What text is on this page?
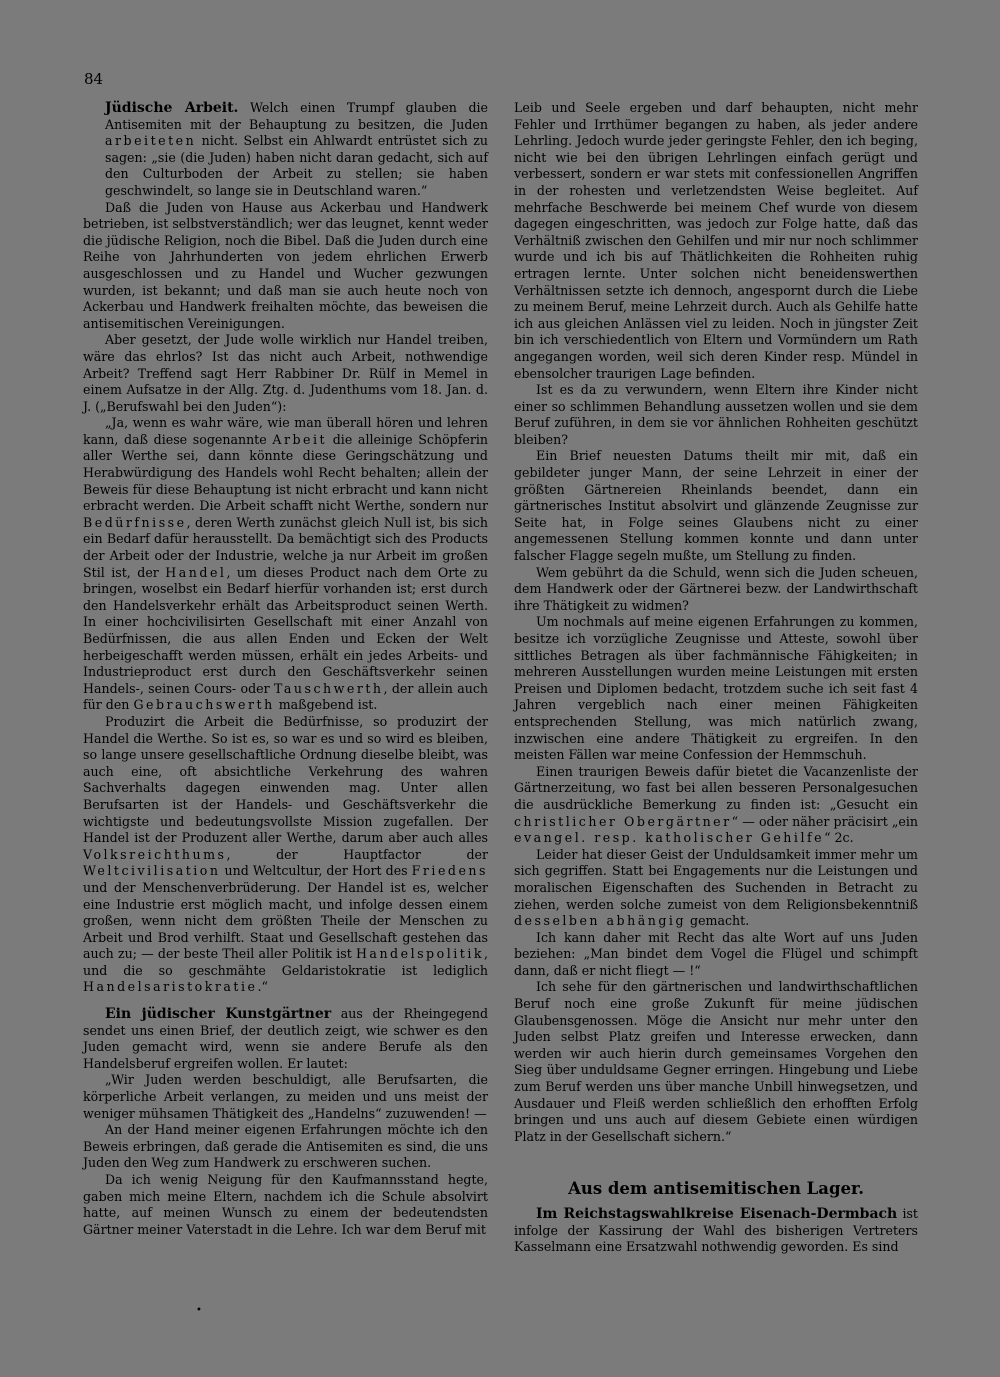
84

Jüdische Arbeit. Welch einen Trumpf glauben die Antisemiten mit der Behauptung zu besitzen, die Juden arbeiteten nicht. Selbst ein Ahlwardt entrüstet sich zu sagen: „sie (die Juden) haben nicht daran gedacht, sich auf den Culturboden der Arbeit zu stellen; sie haben geschwindelt, so lange sie in Deutschland waren.“

Daß die Juden von Hause aus Ackerbau und Handwerk betrieben, ist selbstverständlich; wer das leugnet, kennt weder die jüdische Religion, noch die Bibel. Daß die Juden durch eine Reihe von Jahrhunderten von jedem ehrlichen Erwerb ausgeschlossen und zu Handel und Wucher gezwungen wurden, ist bekannt; und daß man sie auch heute noch von Ackerbau und Handwerk freihalten möchte, das beweisen die antisemitischen Vereinigungen.

Aber gesetzt, der Jude wolle wirklich nur Handel treiben, wäre das ehrlos? Ist das nicht auch Arbeit, nothwendige Arbeit? Treffend sagt Herr Rabbiner Dr. Rülf in Memel in einem Aufsatze in der Allg. Ztg. d. Judenthums vom 18. Jan. d. J. („Berufswahl bei den Juden“):

„Ja, wenn es wahr wäre, wie man überall hören und lehren kann, daß diese sogenannte Arbeit die alleinige Schöpferin aller Werthe sei, dann könnte diese Geringschätzung und Herabwürdigung des Handels wohl Recht behalten; allein der Beweis für diese Behauptung ist nicht erbracht und kann nicht erbracht werden. Die Arbeit schafft nicht Werthe, sondern nur Bedürfnisse, deren Werth zunächst gleich Null ist, bis sich ein Bedarf dafür herausstellt. Da bemächtigt sich des Products der Arbeit oder der Industrie, welche ja nur Arbeit im großen Stil ist, der Handel, um dieses Product nach dem Orte zu bringen, woselbst ein Bedarf hierfür vorhanden ist; erst durch den Handelsverkehr erhält das Arbeitsproduct seinen Werth. In einer hochcivilisirten Gesellschaft mit einer Anzahl von Bedürfnissen, die aus allen Enden und Ecken der Welt herbeigeschafft werden müssen, erhält ein jedes Arbeits- und Industrieproduct erst durch den Geschäftsverkehr seinen Handels-, seinen Cours- oder Tauschwerth, der allein auch für den Gebrauchswerth maßgebend ist.

Produzirt die Arbeit die Bedürfnisse, so produzirt der Handel die Werthe. So ist es, so war es und so wird es bleiben, so lange unsere gesellschaftliche Ordnung dieselbe bleibt, was auch eine, oft absichtliche Verkehrung des wahren Sachverhalts dagegen einwenden mag. Unter allen Berufsarten ist der Handels- und Geschäftsverkehr die wichtigste und bedeutungsvollste Mission zugefallen. Der Handel ist der Produzent aller Werthe, darum aber auch alles Volksreichthums, der Hauptfactor der Weltcivilisation und Weltcultur, der Hort des Friedens und der Menschenverbrüderung. Der Handel ist es, welcher eine Industrie erst möglich macht, und infolge dessen einem großen, wenn nicht dem größten Theile der Menschen zu Arbeit und Brod verhilft. Staat und Gesellschaft gestehen das auch zu; — der beste Theil aller Politik ist Handelspolitik, und die so geschmähte Geldaristokratie ist lediglich Handelsaristokratie.“

Ein jüdischer Kunstgärtner aus der Rheingegend sendet uns einen Brief, der deutlich zeigt, wie schwer es den Juden gemacht wird, wenn sie andere Berufe als den Handelsberuf ergreifen wollen. Er lautet:

„Wir Juden werden beschuldigt, alle Berufsarten, die körperliche Arbeit verlangen, zu meiden und uns meist der weniger mühsamen Thätigkeit des „Handelns“ zuzuwenden! —

An der Hand meiner eigenen Erfahrungen möchte ich den Beweis erbringen, daß gerade die Antisemiten es sind, die uns Juden den Weg zum Handwerk zu erschweren suchen.

Da ich wenig Neigung für den Kaufmannsstand hegte, gaben mich meine Eltern, nachdem ich die Schule absolvirt hatte, auf meinen Wunsch zu einem der bedeutendsten Gärtner meiner Vaterstadt in die Lehre. Ich war dem Beruf mit

Leib und Seele ergeben und darf behaupten, nicht mehr Fehler und Irrthümer begangen zu haben, als jeder andere Lehrling. Jedoch wurde jeder geringste Fehler, den ich beging, nicht wie bei den übrigen Lehrlingen einfach gerügt und verbessert, sondern er war stets mit confessionellen Angriffen in der rohesten und verletzendsten Weise begleitet. Auf mehrfache Beschwerde bei meinem Chef wurde von diesem dagegen eingeschritten, was jedoch zur Folge hatte, daß das Verhältniß zwischen den Gehilfen und mir nur noch schlimmer wurde und ich bis auf Thätlichkeiten die Rohheiten ruhig ertragen lernte. Unter solchen nicht beneidenswerthen Verhältnissen setzte ich dennoch, angespornt durch die Liebe zu meinem Beruf, meine Lehrzeit durch. Auch als Gehilfe hatte ich aus gleichen Anlässen viel zu leiden. Noch in jüngster Zeit bin ich verschiedentlich von Eltern und Vormündern um Rath angegangen worden, weil sich deren Kinder resp. Mündel in ebensolcher traurigen Lage befinden.

Ist es da zu verwundern, wenn Eltern ihre Kinder nicht einer so schlimmen Behandlung aussetzen wollen und sie dem Beruf zuführen, in dem sie vor ähnlichen Rohheiten geschützt bleiben?

Ein Brief neuesten Datums theilt mir mit, daß ein gebildeter junger Mann, der seine Lehrzeit in einer der größten Gärtnereien Rheinlands beendet, dann ein gärtnerisches Institut absolvirt und glänzende Zeugnisse zur Seite hat, in Folge seines Glaubens nicht zu einer angemessenen Stellung kommen konnte und dann unter falscher Flagge segeln mußte, um Stellung zu finden.

Wem gebührt da die Schuld, wenn sich die Juden scheuen, dem Handwerk oder der Gärtnerei bezw. der Landwirthschaft ihre Thätigkeit zu widmen?

Um nochmals auf meine eigenen Erfahrungen zu kommen, besitze ich vorzügliche Zeugnisse und Atteste, sowohl über sittliches Betragen als über fachmännische Fähigkeiten; in mehreren Ausstellungen wurden meine Leistungen mit ersten Preisen und Diplomen bedacht, trotzdem suche ich seit fast 4 Jahren vergeblich nach einer meinen Fähigkeiten entsprechenden Stellung, was mich natürlich zwang, inzwischen eine andere Thätigkeit zu ergreifen. In den meisten Fällen war meine Confession der Hemmschuh.

Einen traurigen Beweis dafür bietet die Vacanzenliste der Gärtnerzeitung, wo fast bei allen besseren Personalgesuchen die ausdrückliche Bemerkung zu finden ist: „Gesucht ein christlicher Obergärtner“ — oder näher präcisirt „ein evangel. resp. katholischer Gehilfe“ 2c.

Leider hat dieser Geist der Unduldsamkeit immer mehr um sich gegriffen. Statt bei Engagements nur die Leistungen und moralischen Eigenschaften des Suchenden in Betracht zu ziehen, werden solche zumeist von dem Religionsbekenntniß desselben abhängig gemacht.

Ich kann daher mit Recht das alte Wort auf uns Juden beziehen: „Man bindet dem Vogel die Flügel und schimpft dann, daß er nicht fliegt — !“

Ich sehe für den gärtnerischen und landwirthschaftlichen Beruf noch eine große Zukunft für meine jüdischen Glaubensgenossen. Möge die Ansicht nur mehr unter den Juden selbst Platz greifen und Interesse erwecken, dann werden wir auch hierin durch gemeinsames Vorgehen den Sieg über unduldsame Gegner erringen. Hingebung und Liebe zum Beruf werden uns über manche Unbill hinwegsetzen, und Ausdauer und Fleiß werden schließlich den erhofften Erfolg bringen und uns auch auf diesem Gebiete einen würdigen Platz in der Gesellschaft sichern.“

Aus dem antisemitischen Lager.

Im Reichstagswahlkreise Eisenach-Dermbach ist infolge der Kassirung der Wahl des bisherigen Vertreters Kasselmann eine Ersatzwahl nothwendig geworden. Es sind

•
